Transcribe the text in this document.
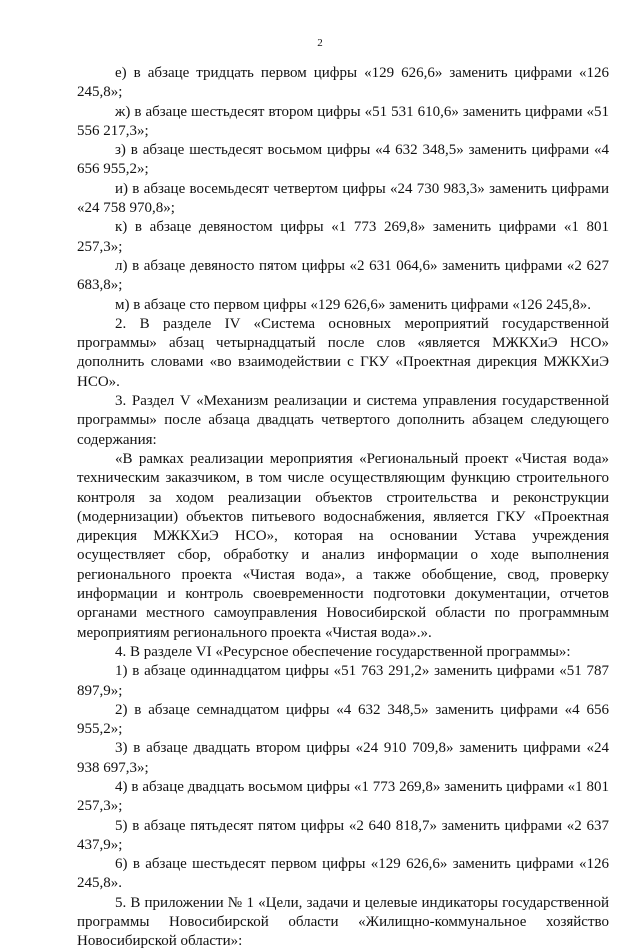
2

е) в абзаце тридцать первом цифры «129 626,6» заменить цифрами «126 245,8»;

ж) в абзаце шестьдесят втором цифры «51 531 610,6» заменить цифрами «51 556 217,3»;

з) в абзаце шестьдесят восьмом цифры «4 632 348,5» заменить цифрами «4 656 955,2»;

и) в абзаце восемьдесят четвертом цифры «24 730 983,3» заменить цифрами «24 758 970,8»;

к) в абзаце девяностом цифры «1 773 269,8» заменить цифрами «1 801 257,3»;

л) в абзаце девяносто пятом цифры «2 631 064,6» заменить цифрами «2 627 683,8»;

м) в абзаце сто первом цифры «129 626,6» заменить цифрами «126 245,8».

2. В разделе IV «Система основных мероприятий государственной программы» абзац четырнадцатый после слов «является МЖКХиЭ НСО» дополнить словами «во взаимодействии с ГКУ «Проектная дирекция МЖКХиЭ НСО».

3. Раздел V «Механизм реализации и система управления государственной программы» после абзаца двадцать четвертого дополнить абзацем следующего содержания:

«В рамках реализации мероприятия «Региональный проект «Чистая вода» техническим заказчиком, в том числе осуществляющим функцию строительного контроля за ходом реализации объектов строительства и реконструкции (модернизации) объектов питьевого водоснабжения, является ГКУ «Проектная дирекция МЖКХиЭ НСО», которая на основании Устава учреждения осуществляет сбор, обработку и анализ информации о ходе выполнения регионального проекта «Чистая вода», а также обобщение, свод, проверку информации и контроль своевременности подготовки документации, отчетов органами местного самоуправления Новосибирской области по программным мероприятиям регионального проекта «Чистая вода».».

4. В разделе VI «Ресурсное обеспечение государственной программы»:

1) в абзаце одиннадцатом цифры «51 763 291,2» заменить цифрами «51 787 897,9»;

2) в абзаце семнадцатом цифры «4 632 348,5» заменить цифрами «4 656 955,2»;

3) в абзаце двадцать втором цифры «24 910 709,8» заменить цифрами «24 938 697,3»;

4) в абзаце двадцать восьмом цифры «1 773 269,8» заменить цифрами «1 801 257,3»;

5) в абзаце пятьдесят пятом цифры «2 640 818,7» заменить цифрами «2 637 437,9»;

6) в абзаце шестьдесят первом цифры «129 626,6» заменить цифрами «126 245,8».

5. В приложении № 1 «Цели, задачи и целевые индикаторы государственной программы Новосибирской области «Жилищно-коммунальное хозяйство Новосибирской области»:
